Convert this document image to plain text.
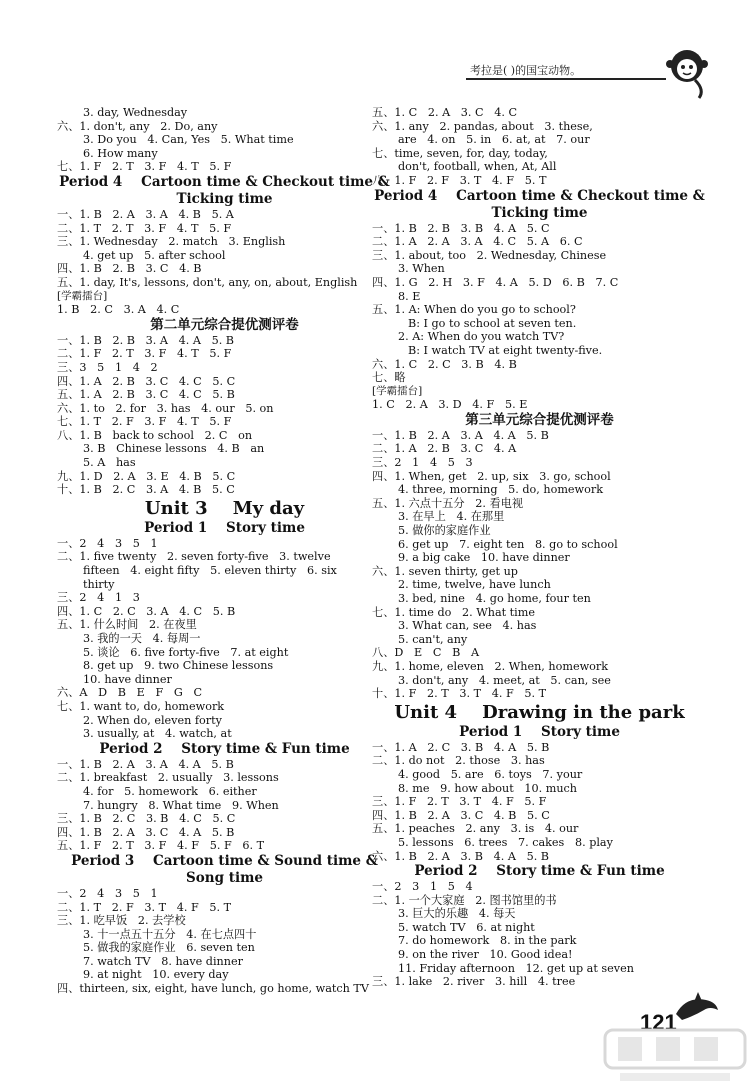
考拉是( )的国宝动物。
3. day, Wednesday
六、1. don't, any   2. Do, any
3. Do you   4. Can, Yes   5. What time
6. How many
七、1. F   2. T   3. F   4. T   5. F
Period 4    Cartoon time & Checkout time &
Ticking time
一、1. B   2. A   3. A   4. B   5. A
二、1. T   2. T   3. F   4. T   5. F
三、1. Wednesday   2. match   3. English
4. get up   5. after school
四、1. B   2. B   3. C   4. B
五、1. day, It's, lessons, don't, any, on, about, English
[学霸擂台]
1. B   2. C   3. A   4. C
第二单元综合提优测评卷
一、1. B   2. B   3. A   4. A   5. B
二、1. F   2. T   3. F   4. T   5. F
三、3   5   1   4   2
四、1. A   2. B   3. C   4. C   5. C
五、1. A   2. B   3. C   4. C   5. B
六、1. to   2. for   3. has   4. our   5. on
七、1. T   2. F   3. F   4. T   5. F
八、1. B   back to school   2. C   on
3. B   Chinese lessons   4. B   an
5. A   has
九、1. D   2. A   3. E   4. B   5. C
十、1. B   2. C   3. A   4. B   5. C
Unit 3    My day
Period 1    Story time
一、2   4   3   5   1
二、1. five twenty   2. seven forty-five   3. twelve
fifteen   4. eight fifty   5. eleven thirty   6. six
thirty
三、2   4   1   3
四、1. C   2. C   3. A   4. C   5. B
五、1. 什么时间   2. 在夜里
3. 我的一天   4. 每周一
5. 谈论   6. five forty-five   7. at eight
8. get up   9. two Chinese lessons
10. have dinner
六、A   D   B   E   F   G   C
七、1. want to, do, homework
2. When do, eleven forty
3. usually, at   4. watch, at
Period 2    Story time & Fun time
一、1. B   2. A   3. A   4. A   5. B
二、1. breakfast   2. usually   3. lessons
4. for   5. homework   6. either
7. hungry   8. What time   9. When
三、1. B   2. C   3. B   4. C   5. C
四、1. B   2. A   3. C   4. A   5. B
五、1. F   2. T   3. F   4. F   5. F   6. T
Period 3    Cartoon time & Sound time &
Song time
一、2   4   3   5   1
二、1. T   2. F   3. T   4. F   5. T
三、1. 吃早饭   2. 去学校
3. 十一点五十五分   4. 在七点四十
5. 做我的家庭作业   6. seven ten
7. watch TV   8. have dinner
9. at night   10. every day
四、thirteen, six, eight, have lunch, go home, watch TV
五、1. C   2. A   3. C   4. C
六、1. any   2. pandas, about   3. these,
are   4. on   5. in   6. at, at   7. our
七、time, seven, for, day, today,
don't, football, when, At, All
八、1. F   2. F   3. T   4. F   5. T
Period 4    Cartoon time & Checkout time &
Ticking time
一、1. B   2. B   3. B   4. A   5. C
二、1. A   2. A   3. A   4. C   5. A   6. C
三、1. about, too   2. Wednesday, Chinese
3. When
四、1. G   2. H   3. F   4. A   5. D   6. B   7. C
8. E
五、1. A: When do you go to school?
B: I go to school at seven ten.
2. A: When do you watch TV?
B: I watch TV at eight twenty-five.
六、1. C   2. C   3. B   4. B
七、略
[学霸擂台]
1. C   2. A   3. D   4. F   5. E
第三单元综合提优测评卷
一、1. B   2. A   3. A   4. A   5. B
二、1. A   2. B   3. C   4. A
三、2   1   4   5   3
四、1. When, get   2. up, six   3. go, school
4. three, morning   5. do, homework
五、1. 六点十五分   2. 看电视
3. 在早上   4. 在那里
5. 做你的家庭作业
6. get up   7. eight ten   8. go to school
9. a big cake   10. have dinner
六、1. seven thirty, get up
2. time, twelve, have lunch
3. bed, nine   4. go home, four ten
七、1. time do   2. What time
3. What can, see   4. has
5. can't, any
八、D   E   C   B   A
九、1. home, eleven   2. When, homework
3. don't, any   4. meet, at   5. can, see
十、1. F   2. T   3. T   4. F   5. T
Unit 4    Drawing in the park
Period 1    Story time
一、1. A   2. C   3. B   4. A   5. B
二、1. do not   2. those   3. has
4. good   5. are   6. toys   7. your
8. me   9. how about   10. much
三、1. F   2. T   3. T   4. F   5. F
四、1. B   2. A   3. C   4. B   5. C
五、1. peaches   2. any   3. is   4. our
5. lessons   6. trees   7. cakes   8. play
六、1. B   2. A   3. B   4. A   5. B
Period 2    Story time & Fun time
一、2   3   1   5   4
二、1. 一个大家庭   2. 图书馆里的书
3. 巨大的乐趣   4. 每天
5. watch TV   6. at night
7. do homework   8. in the park
9. on the river   10. Good idea!
11. Friday afternoon   12. get up at seven
三、1. lake   2. river   3. hill   4. tree
121
